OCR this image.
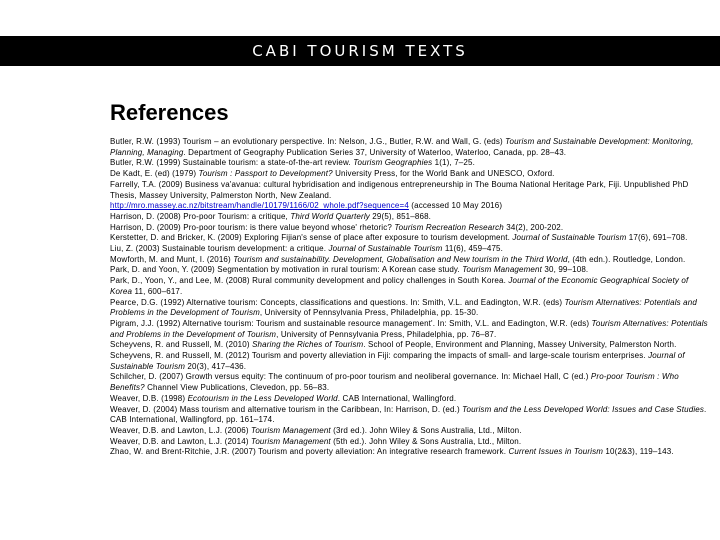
CABI TOURISM TEXTS
References

Butler, R.W. (1993) Tourism – an evolutionary perspective. In: Nelson, J.G., Butler, R.W. and Wall, G. (eds) Tourism and Sustainable Development: Monitoring, Planning, Managing. Department of Geography Publication Series 37, University of Waterloo, Waterloo, Canada, pp. 28–43.

Butler, R.W. (1999) Sustainable tourism: a state-of-the-art review. Tourism Geographies 1(1), 7–25.

De Kadt, E. (ed) (1979) Tourism : Passport to Development? University Press, for the World Bank and UNESCO, Oxford.

Farrelly, T.A. (2009) Business va'avanua: cultural hybridisation and indigenous entrepreneurship in The Bouma National Heritage Park, Fiji. Unpublished PhD Thesis, Massey University, Palmerston North, New Zealand.

http://mro.massey.ac.nz/bitstream/handle/10179/1166/02_whole.pdf?sequence=4 (accessed 10 May 2016)

Harrison, D. (2008) Pro-poor Tourism: a critique, Third World Quarterly 29(5), 851–868.

Harrison, D. (2009) Pro-poor tourism: is there value beyond whose' rhetoric? Tourism Recreation Research 34(2), 200-202.

Kerstetter, D. and Bricker, K. (2009) Exploring Fijian's sense of place after exposure to tourism development. Journal of Sustainable Tourism 17(6), 691–708.

Liu, Z. (2003) Sustainable tourism development: a critique. Journal of Sustainable Tourism 11(6), 459–475.

Mowforth, M. and Munt, I. (2016) Tourism and sustainability. Development, Globalisation and New tourism in the Third World, (4th edn.). Routledge, London.

Park, D. and Yoon, Y. (2009) Segmentation by motivation in rural tourism: A Korean case study. Tourism Management 30, 99–108.

Park, D., Yoon, Y., and Lee, M. (2008) Rural community development and policy challenges in South Korea. Journal of the Economic Geographical Society of Korea 11, 600–617.

Pearce, D.G. (1992) Alternative tourism: Concepts, classifications and questions. In: Smith, V.L. and Eadington, W.R. (eds) Tourism Alternatives: Potentials and Problems in the Development of Tourism, University of Pennsylvania Press, Philadelphia, pp. 15-30.

Pigram, J.J. (1992) Alternative tourism: Tourism and sustainable resource management'. In: Smith, V.L. and Eadington, W.R. (eds) Tourism Alternatives: Potentials and Problems in the Development of Tourism, University of Pennsylvania Press, Philadelphia, pp. 76–87.

Scheyvens, R. and Russell, M. (2010) Sharing the Riches of Tourism. School of People, Environment and Planning, Massey University, Palmerston North.

Scheyvens, R. and Russell, M. (2012) Tourism and poverty alleviation in Fiji: comparing the impacts of small- and large-scale tourism enterprises. Journal of Sustainable Tourism 20(3), 417–436.

Schilcher, D. (2007) Growth versus equity: The continuum of pro-poor tourism and neoliberal governance. In: Michael Hall, C (ed.) Pro-poor Tourism : Who Benefits? Channel View Publications, Clevedon, pp. 56–83.

Weaver, D.B. (1998) Ecotourism in the Less Developed World. CAB International, Wallingford.

Weaver, D. (2004) Mass tourism and alternative tourism in the Caribbean, In: Harrison, D. (ed.) Tourism and the Less Developed World: Issues and Case Studies. CAB International, Wallingford, pp. 161–174.

Weaver, D.B. and Lawton, L.J. (2006) Tourism Management (3rd ed.). John Wiley & Sons Australia, Ltd., Milton.

Weaver, D.B. and Lawton, L.J. (2014) Tourism Management (5th ed.). John Wiley & Sons Australia, Ltd., Milton.

Zhao, W. and Brent-Ritchie, J.R. (2007) Tourism and poverty alleviation: An integrative research framework. Current Issues in Tourism 10(2&3), 119–143.
